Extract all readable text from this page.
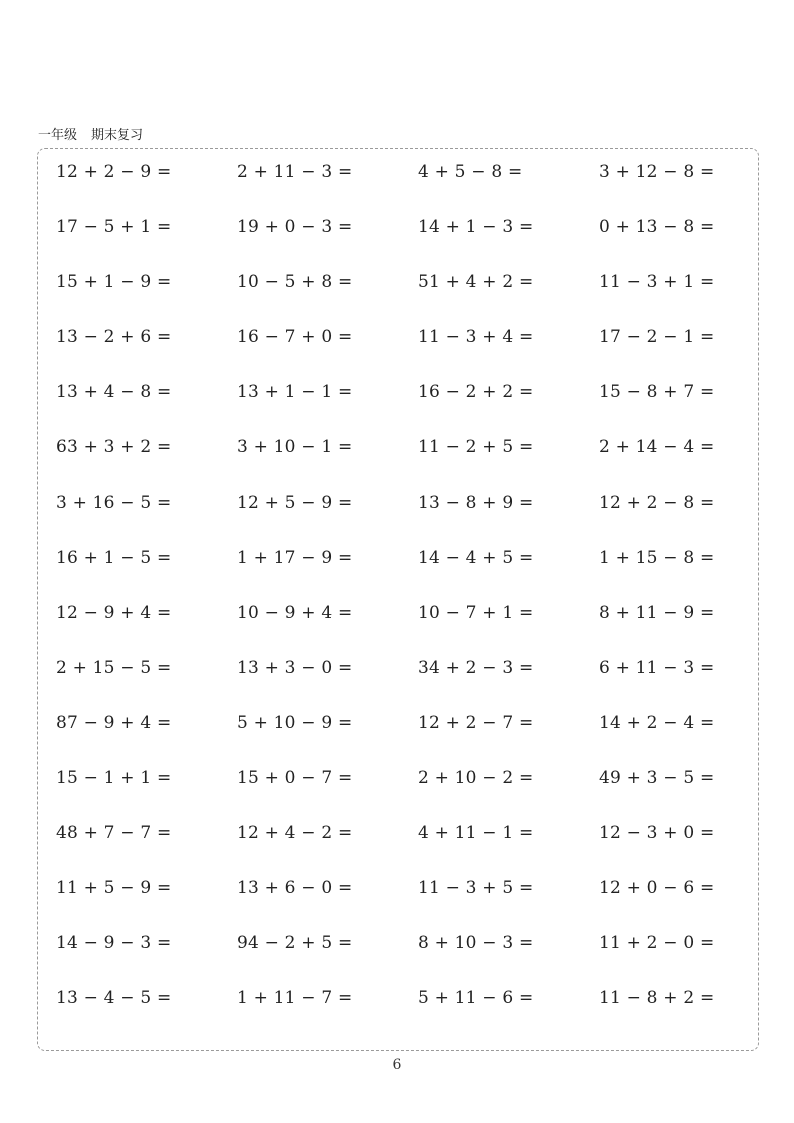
一年级 期末复习
12 + 2 − 9 =	2 + 11 − 3 =	4 + 5 − 8 =	3 + 12 − 8 =
17 − 5 + 1 =	19 + 0 − 3 =	14 + 1 − 3 =	0 + 13 − 8 =
15 + 1 − 9 =	10 − 5 + 8 =	51 + 4 + 2 =	11 − 3 + 1 =
13 − 2 + 6 =	16 − 7 + 0 =	11 − 3 + 4 =	17 − 2 − 1 =
13 + 4 − 8 =	13 + 1 − 1 =	16 − 2 + 2 =	15 − 8 + 7 =
63 + 3 + 2 =	3 + 10 − 1 =	11 − 2 + 5 =	2 + 14 − 4 =
3 + 16 − 5 =	12 + 5 − 9 =	13 − 8 + 9 =	12 + 2 − 8 =
16 + 1 − 5 =	1 + 17 − 9 =	14 − 4 + 5 =	1 + 15 − 8 =
12 − 9 + 4 =	10 − 9 + 4 =	10 − 7 + 1 =	8 + 11 − 9 =
2 + 15 − 5 =	13 + 3 − 0 =	34 + 2 − 3 =	6 + 11 − 3 =
87 − 9 + 4 =	5 + 10 − 9 =	12 + 2 − 7 =	14 + 2 − 4 =
15 − 1 + 1 =	15 + 0 − 7 =	2 + 10 − 2 =	49 + 3 − 5 =
48 + 7 − 7 =	12 + 4 − 2 =	4 + 11 − 1 =	12 − 3 + 0 =
11 + 5 − 9 =	13 + 6 − 0 =	11 − 3 + 5 =	12 + 0 − 6 =
14 − 9 − 3 =	94 − 2 + 5 =	8 + 10 − 3 =	11 + 2 − 0 =
13 − 4 − 5 =	1 + 11 − 7 =	5 + 11 − 6 =	11 − 8 + 2 =
6
